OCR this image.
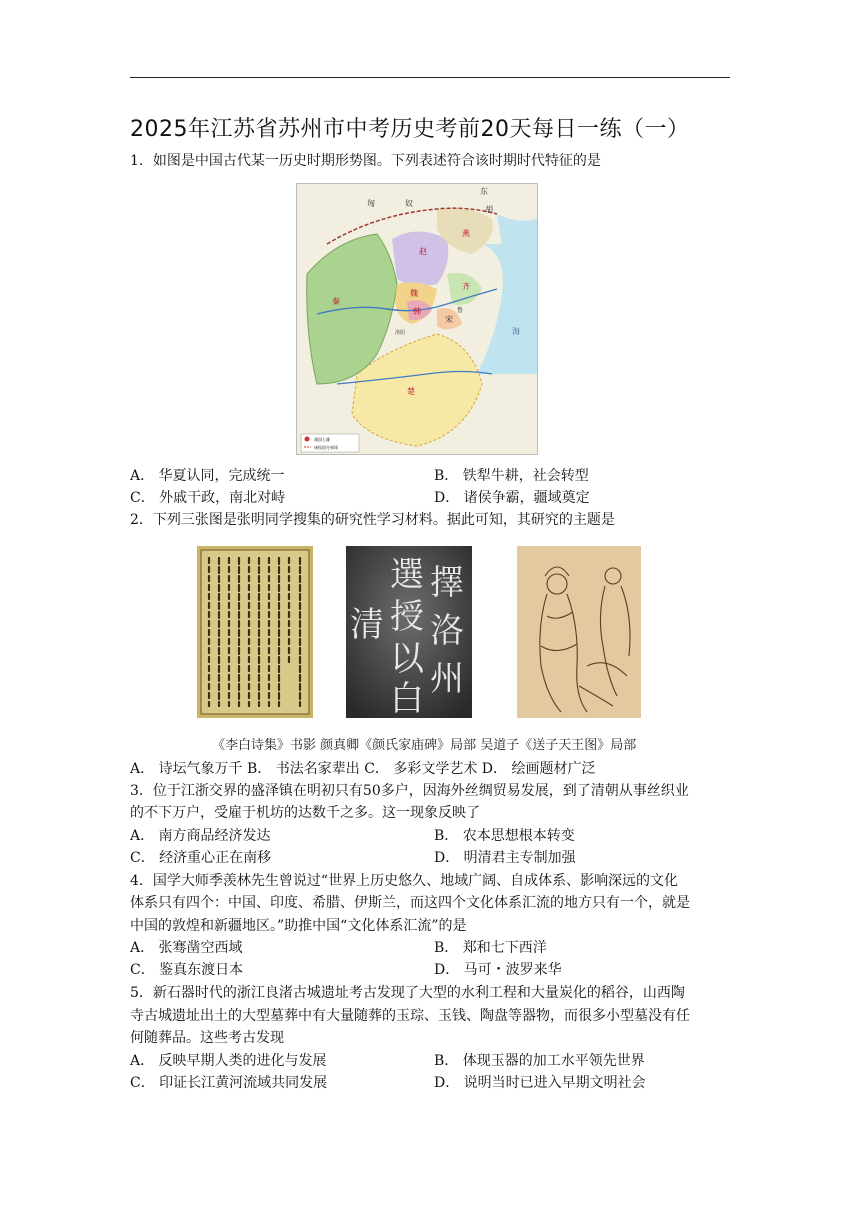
2025年江苏省苏州市中考历史考前20天每日一练（一）
1．如图是中国古代某一历史时期形势图。下列表述符合该时期时代特征的是
战国七雄
诸侯国分界线
匈	奴
东
胡
燕
赵
魏
韩
秦
楚
宋
洛阳
齐
鲁
海
A． 华夏认同，完成统一	B． 铁犁牛耕，社会转型
C． 外戚干政，南北对峙	D． 诸侯争霸，疆域奠定
2．下列三张图是张明同学搜集的研究性学习材料。据此可知，其研究的主题是
擇
選
授 洛
州
以
清
白
《李白诗集》书影 颜真卿《颜氏家庙碑》局部 吴道子《送子天王图》局部
A． 诗坛气象万千 B． 书法名家辈出 C． 多彩文学艺术 D． 绘画题材广泛
3．位于江浙交界的盛泽镇在明初只有50多户，因海外丝绸贸易发展，到了清朝从事丝织业
的不下万户，受雇于机坊的达数千之多。这一现象反映了
A． 南方商品经济发达	B． 农本思想根本转变
C． 经济重心正在南移	D． 明清君主专制加强
4．国学大师季羡林先生曾说过“世界上历史悠久、地域广阔、自成体系、影响深远的文化
体系只有四个：中国、印度、希腊、伊斯兰，而这四个文化体系汇流的地方只有一个，就是
中国的敦煌和新疆地区。”助推中国“文化体系汇流”的是
A． 张骞凿空西域	B． 郑和七下西洋
C． 鉴真东渡日本	D． 马可・波罗来华
5．新石器时代的浙江良渚古城遗址考古发现了大型的水利工程和大量炭化的稻谷，山西陶
寺古城遗址出土的大型墓葬中有大量随葬的玉琮、玉钱、陶盘等器物，而很多小型墓没有任
何随葬品。这些考古发现
A． 反映早期人类的进化与发展	B． 体现玉器的加工水平领先世界
C． 印证长江黄河流域共同发展	D． 说明当时已进入早期文明社会
